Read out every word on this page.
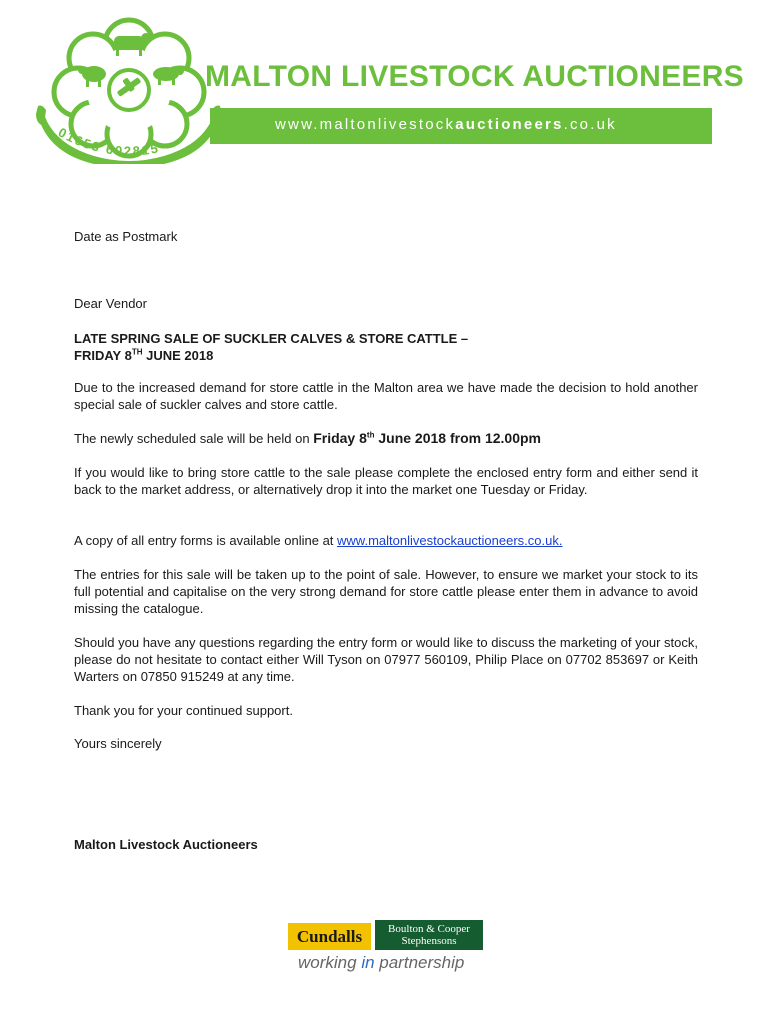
01653 602815
MALTON LIVESTOCK AUCTIONEERS
www.maltonlivestockauctioneers.co.uk

Date as Postmark

Dear Vendor

LATE SPRING SALE OF SUCKLER CALVES & STORE CATTLE –
FRIDAY 8TH JUNE 2018

Due to the increased demand for store cattle in the Malton area we have made the decision to hold another special sale of suckler calves and store cattle.

The newly scheduled sale will be held on Friday 8th June 2018 from 12.00pm

If you would like to bring store cattle to the sale please complete the enclosed entry form and either send it back to the market address, or alternatively drop it into the market one Tuesday or Friday.

A copy of all entry forms is available online at www.maltonlivestockauctioneers.co.uk.

The entries for this sale will be taken up to the point of sale. However, to ensure we market your stock to its full potential and capitalise on the very strong demand for store cattle please enter them in advance to avoid missing the catalogue.

Should you have any questions regarding the entry form or would like to discuss the marketing of your stock, please do not hesitate to contact either Will Tyson on 07977 560109, Philip Place on 07702 853697 or Keith Warters on 07850 915249 at any time.

Thank you for your continued support.

Yours sincerely

Malton Livestock Auctioneers

Cundalls	Boulton & Cooper
Stephensons
working in partnership
